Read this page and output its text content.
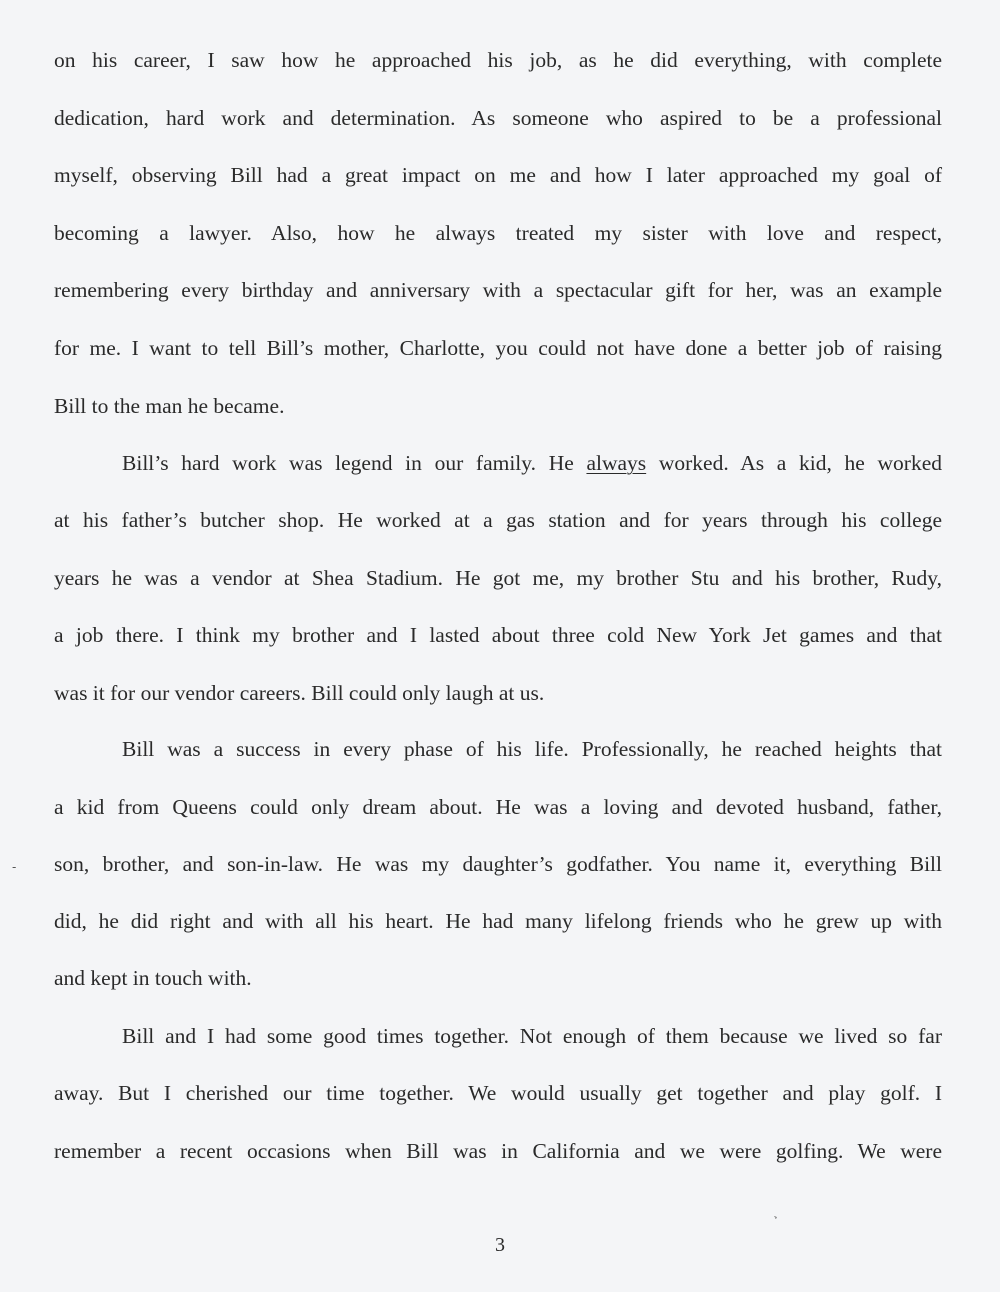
on his career, I saw how he approached his job, as he did everything, with complete
dedication, hard work and determination. As someone who aspired to be a professional
myself, observing Bill had a great impact on me and how I later approached my goal of
becoming a lawyer. Also, how he always treated my sister with love and respect,
remembering every birthday and anniversary with a spectacular gift for her, was an example
for me. I want to tell Bill’s mother, Charlotte, you could not have done a better job of raising
Bill to the man he became.
Bill’s hard work was legend in our family. He always worked. As a kid, he worked
at his father’s butcher shop. He worked at a gas station and for years through his college
years he was a vendor at Shea Stadium. He got me, my brother Stu and his brother, Rudy,
a job there. I think my brother and I lasted about three cold New York Jet games and that
was it for our vendor careers. Bill could only laugh at us.
Bill was a success in every phase of his life. Professionally, he reached heights that
a kid from Queens could only dream about. He was a loving and devoted husband, father,
son, brother, and son-in-law. He was my daughter’s godfather. You name it, everything Bill
did, he did right and with all his heart. He had many lifelong friends who he grew up with
and kept in touch with.
Bill and I had some good times together. Not enough of them because we lived so far
away. But I cherished our time together. We would usually get together and play golf. I
remember a recent occasions when Bill was in California and we were golfing. We were
3
-
˺
